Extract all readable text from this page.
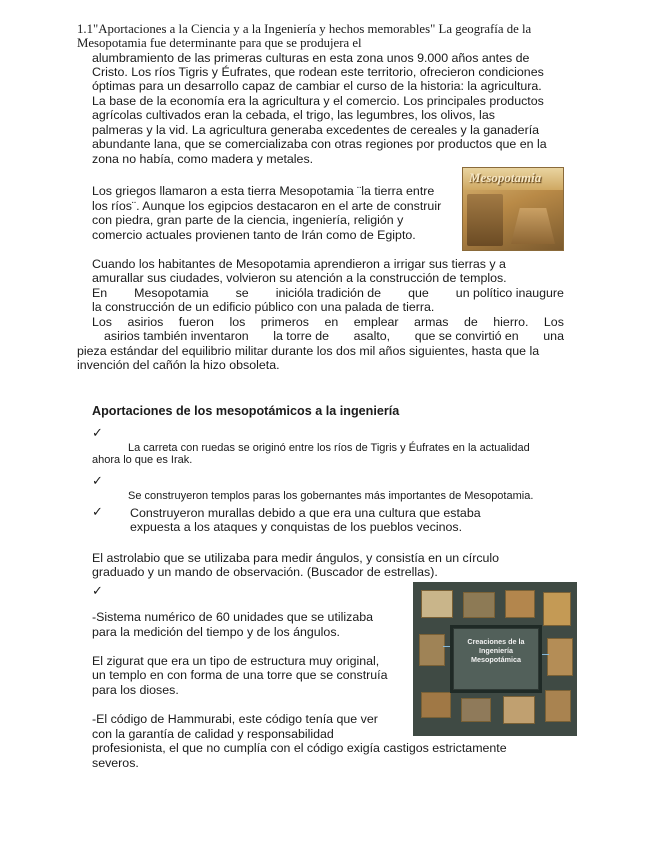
1.1"Aportaciones a la Ciencia y a la Ingeniería y hechos memorables" La geografía de la
Mesopotamia fue determinante para que se produjera el
alumbramiento de las primeras culturas en esta zona unos 9.000 años antes de
Cristo. Los ríos Tigris y Éufrates, que rodean este territorio, ofrecieron condiciones
óptimas para un desarrollo capaz de cambiar el curso de la historia: la agricultura.
La base de la economía era la agricultura y el comercio. Los principales productos
agrícolas cultivados eran la cebada, el trigo, las legumbres, los olivos, las
palmeras y la vid. La agricultura generaba excedentes de cereales y la ganadería
abundante lana, que se comercializaba con otras regiones por productos que en la
zona no había, como madera y metales.
Los griegos llamaron a esta tierra Mesopotamia ¨la tierra entre
los ríos¨. Aunque los egipcios destacaron en el arte de construir
con piedra, gran parte de la ciencia, ingeniería, religión y
comercio actuales provienen tanto de Irán como de Egipto.
Mesopotamia
Cuando los habitantes de Mesopotamia aprendieron a irrigar sus tierras y a
amurallar sus ciudades, volvieron su atención a la construcción de templos.
En Mesopotamia se inicióla tradición de que un político inaugure
la construcción de un edificio público con una palada de tierra.
Los asirios fueron los primeros en emplear armas de hierro. Los
asirios también inventaron la torre de asalto, que se convirtió en una
pieza estándar del equilibrio militar durante los dos mil años siguientes, hasta que la
invención del cañón la hizo obsoleta.
Aportaciones de los mesopotámicos a la ingeniería
✓
La carreta con ruedas se originó entre los ríos de Tigris y Éufrates en la actualidad
ahora lo que es Irak.
✓
Se construyeron templos paras los gobernantes más importantes de Mesopotamia.
✓ Construyeron murallas debido a que era una cultura que estaba
expuesta a los ataques y conquistas de los pueblos vecinos.
El astrolabio que se utilizaba para medir ángulos, y consistía en un círculo
graduado y un mando de observación. (Buscador de estrellas).
✓
-Sistema numérico de 60 unidades que se utilizaba
para la medición del tiempo y de los ángulos.
El zigurat que era un tipo de estructura muy original,
un templo en con forma de una torre que se construía
para los dioses.
-El código de Hammurabi, este código tenía que ver
con la garantía de calidad y responsabilidad
profesionista, el que no cumplía con el código exigía castigos estrictamente
severos.
Creaciones de la Ingeniería Mesopotámica
